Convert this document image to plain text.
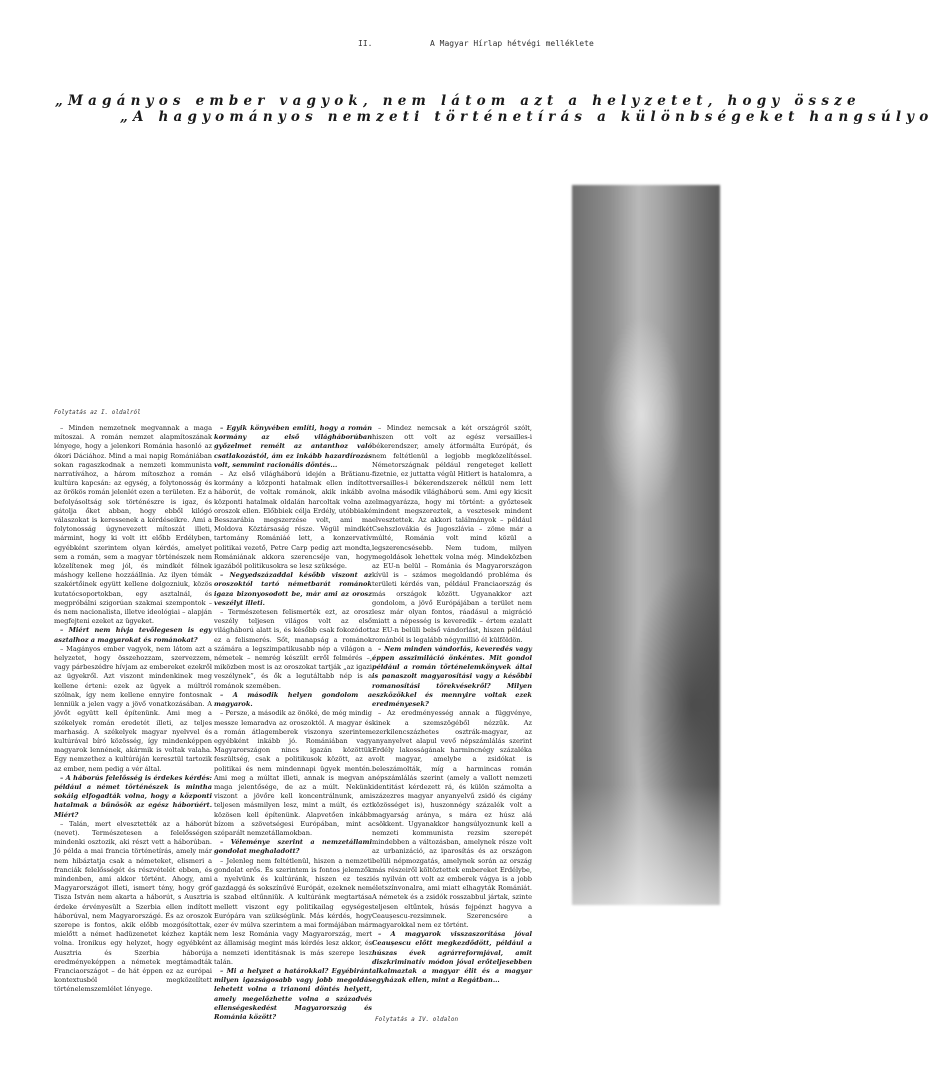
II.	A Magyar Hírlap hétvégi melléklete
„Magányos ember vagyok, nem látom azt a helyzetet, hogy össze
„A hagyományos nemzeti történetírás a különbségeket hangsúlyo
Folytatás az I. oldalról

– Minden nemzetnek megvannak a maga mítoszai. A román nemzet alapmítoszának lényege, hogy a jelenkori Románia hasonló az ókori Dáciához. Mind a mai napig Romániában sokan ragaszkodnak a nemzeti kommunista narratívához, a három mítoszhoz a román kultúra kapcsán: az egység, a folytonosság és az örökös román jelenlét ezen a területen. Ez a befolyásoltság sok történészre is igaz, és gátolja őket abban, hogy ebből kilógó válaszokat is keressenek a kérdéseikre. Ami a folytonosság úgynevezett mítoszát illeti, mármint, hogy ki volt itt előbb Erdélyben, egyébként szerintem olyan kérdés, amelyet sem a román, sem a magyar történészek nem közelítenek meg jól, és mindkét félnek máshogy kellene hozzáállnia. Az ilyen témák szakértőinek együtt kellene dolgozniuk, közös kutatócsoportokban, egy asztalnál, és megpróbálni szigorúan szakmai szempontok – és nem nacionalista, illetve ideológiai – alapján megfejteni ezeket az ügyeket.

– Miért nem hívja tevőlegesen is egy asztalhoz a magyarokat és románokat?

– Magányos ember vagyok, nem látom azt a helyzetet, hogy összehozzam, szervezzem, vagy párbeszédre hívjam az embereket ezekről az ügyekről. Azt viszont mindenkinek meg kellene érteni: ezek az ügyek a múltról szólnak, így nem kellene ennyire fontosnak lenniük a jelen vagy a jövő vonatkozásában. A jövőt együtt kell építenünk. Ami meg a székelyek román eredetét illeti, az teljes marhaság. A székelyek magyar nyelvvel és kultúrával bíró közösség, így mindenképpen magyarok lennének, akármik is voltak valaha. Egy nemzethez a kultúráján keresztül tartozik az ember, nem pedig a vér által.

– A háborús felelősség is érdekes kérdés: például a német történészek is mintha sokáig elfogadták volna, hogy a központi hatalmak a bűnösök az egész háborúért. Miért?

– Talán, mert elvesztették az a háborút (nevet). Természetesen a felelősségen mindenki osztozik, aki részt vett a háborúban. Jó példa a mai francia történetírás, amely már nem hibáztatja csak a németeket, elismeri a franciák felelősségét és részvételét ebben, és mindenben, ami akkor történt. Ahogy, ami Magyarországot illeti, ismert tény, hogy gróf Tisza István nem akarta a háborút, s Ausztria érdeke érvényesült a Szerbia ellen indított háborúval, nem Magyarországé. És az oroszok szerepe is fontos, akik előbb mozgósítottak, mielőtt a német hadüzenetet kézhez kapták volna. Ironikus egy helyzet, hogy egyébként Ausztria és Szerbia háborúja eredményeképpen a németek megtámadták Franciaországot – de hát éppen ez az európai kontextusból megközelített történelemszemlélet lényege.

– Egyik könyvében említi, hogy a román kormány az első világháborúban győzelmet remélt az antanthoz való csatlakozástól, ám ez inkább hazardírozás volt, semmint racionális döntés...

– Az első világháború idején a Brătianu-kormány a központi hatalmak ellen indított háborút, de voltak románok, akik inkább a központi hatalmak oldalán harcoltak volna az oroszok ellen. Előbbiek célja Erdély, utóbbiaké Besszarábia megszerzése volt, ami ma Moldova Köztársaság része. Végül mindkét tartomány Romániáé lett, a konzervatív politikai vezető, Petre Carp pedig azt mondta, Romániának akkora szerencséje van, hogy igazából politikusokra se lesz szüksége.

– Negyedszázaddal később viszont az oroszoktól tartó németbarát románok igaza bizonyosodott be, már ami az orosz veszélyt illeti.

– Természetesen felismerték ezt, az orosz veszély teljesen világos volt az első világháború alatt is, és később csak fokozódott ez a felismerés. Sőt, manapság a románok számára a legszimpatikusabb nép a világon a németek – nemrég készült erről felmérés –, miközben most is az oroszokat tartják „az igazi veszélynek”, és ők a legutáltabb nép is a románok szemében.

– A második helyen gondolom a magyarok.

– Persze, a második az önöké, de még mindig messze lemaradva az oroszoktól. A magyar és a román átlagemberek viszonya szerintem egyébként inkább jó. Romániában vagy Magyarországon nincs igazán közöttük feszültség, csak a politikusok között, az a politikai és nem mindennapi ügyek mentén. Ami meg a múltat illeti, annak is megvan a maga jelentősége, de az a múlt. Nekünk viszont a jövőre kell koncentrálnunk, ami teljesen másmilyen lesz, mint a múlt, és ezt közösen kell építenünk. Alapvetően inkább bízom a szövetségesi Európában, mint a széparált nemzetállamokban.

– Véleménye szerint a nemzetállami gondolat meghaladott?

– Jelenleg nem feltétlenül, hiszen a nemzeti gondolat erős. És szerintem is fontos jelemzők a nyelvünk és kultúránk, hiszen ez teszi gazdaggá és sokszínűvé Európát, ezeknek nem is szabad eltűnniük. A kultúránk megtartása mellett viszont egy politikailag egységes Európára van szükségünk. Más kérdés, hogy ezer év múlva szerintem a mai formájában már nem lesz Románia vagy Magyarország, mert az államiság megint más kérdés lesz akkor, és a nemzeti identitásnak is más szerepe lesz talán.

– Mi a helyzet a határokkal? Egyébiránt milyen igazságosabb vagy jobb megoldás lehetett volna a trianoni döntés helyett, amely megelőzhette volna a századvés ellenségeskedést Magyarország és Románia között?

– Mindez nemcsak a két országról szólt, hiszen ott volt az egész versailles-i békerendszer, amely átformálta Európát, és nem feltétlenül a legjobb megközelítéssel. Németországnak például rengeteget kellett fizetnie, ez juttatta végül Hitlert is hatalomra, a versailles-i békerendszerek nélkül nem lett volna második világháború sem. Ami egy kicsit elmagyarázza, hogy mi történt: a győztesek mindent megszereztek, a vesztesek mindent elvesztettek. Az akkori találmányok – például Csehszlovákia és Jugoszlávia – zöme már a múlté, Románia volt mind közül a legszerencsésebb. Nem tudom, milyen megoldások lehettek volna még. Mindeközben az EU-n belül – Románia és Magyarországon kívül is – számos megoldandó probléma és területi kérdés van, például Franciaország és más országok között. Ugyanakkor azt gondolom, a jövő Európájában a terület nem lesz már olyan fontos, ráadásul a migráció miatt a népesség is keveredik – értem ezalatt az EU-n belüli belső vándorlást, hiszen például románból is legalább négymillió él külföldön.

– Nem minden vándorlás, keveredés vagy éppen asszimiláció önkéntes. Mit gondol például a román történelemkönyvek által is panaszolt magyarosítási vagy a későbbi romanosítási törekvésekről? Milyen eszközökkel és mennyire voltak ezek eredményesek?

– Az eredményesség annak a függvénye, kinek a szemszögéből nézzük. Az ezerkilencszázhetes osztrák-magyar, az anyanyelvet alapul vevő népszámlálás szerint Erdély lakosságának harmincnégy százaléka volt magyar, amelybe a zsidókat is beleszámolták, míg a harmincas román népszámlálás szerint (amely a vallott nemzeti identitást kérdezett rá, és külön számolta a százezres magyar anyanyelvű zsidó és cigány közösséget is), huszonnégy százalék volt a magyarság aránya, s mára ez húsz alá csökkent. Ugyanakkor hangsúlyoznunk kell a nemzeti kommunista rezsim szerepét mindebben a változásban, amelynek része volt az urbanizáció, az iparosítás és az országon belüli népmozgatás, amelynek során az ország más részeiről költöztettek embereket Erdélybe, és nyilván ott volt az emberek vágya is a jobb életszínvonalra, ami miatt elhagyták Romániát. A németek és a zsidók rosszabbul jártak, szinte teljesen eltűntek, húsás fejpénzt hagyva a Ceaușescu-rezsimnek. Szerencsére a magyarokkal nem ez történt.

– A magyarok visszaszorítása jóval Ceaușescu előtt megkezdődött, például a húszas évek agrárreformjával, amit diszkriminatív módon jóval erőteljesebben alkalmaztak a magyar élit és a magyar egyházak ellen, mint a Regátban...

Folytatás a IV. oldalon
